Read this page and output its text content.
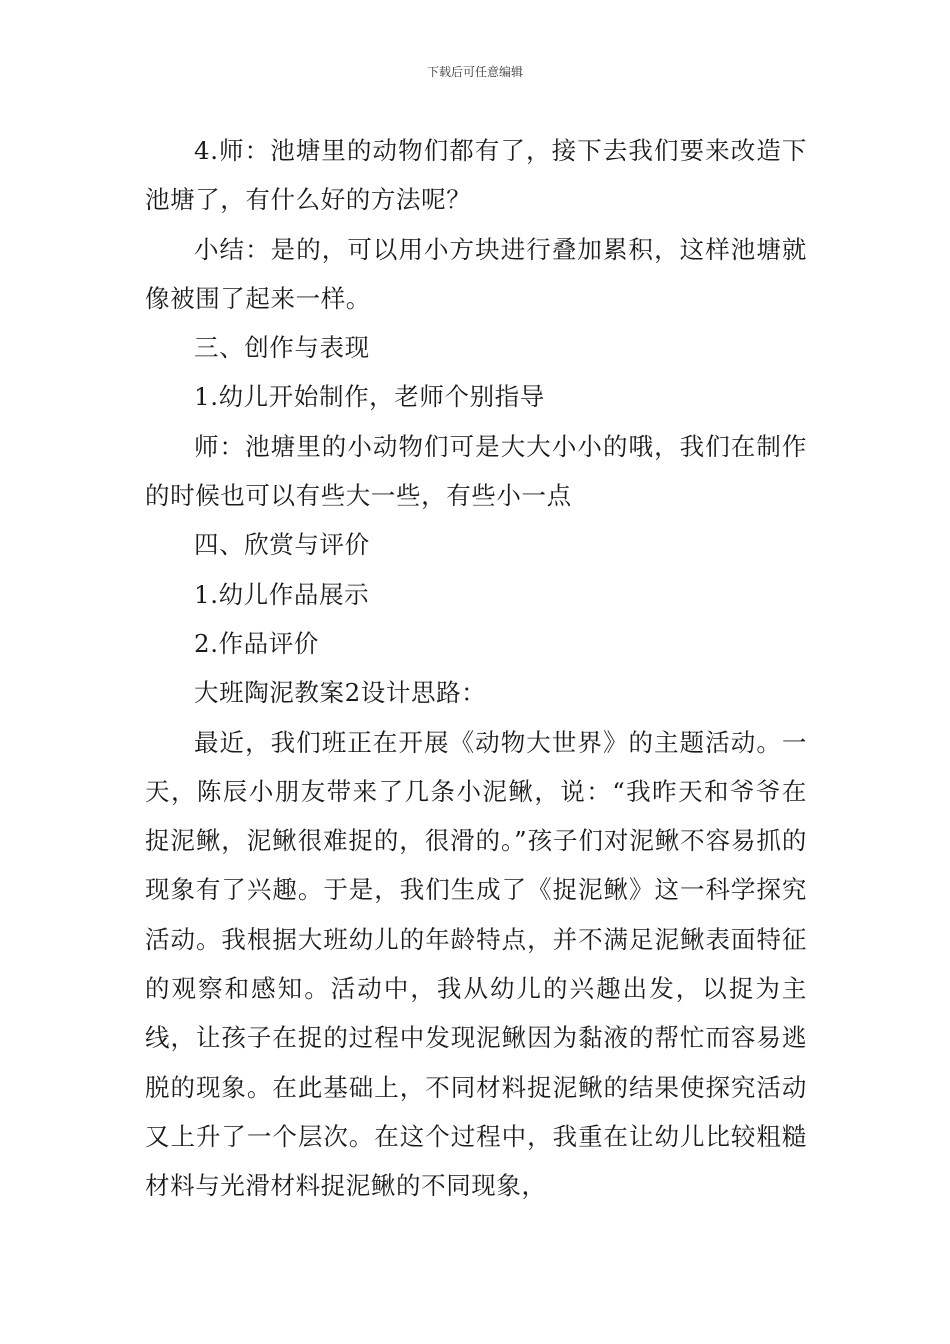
下载后可任意编辑

4.师：池塘里的动物们都有了，接下去我们要来改造下池塘了，有什么好的方法呢？

小结：是的，可以用小方块进行叠加累积，这样池塘就像被围了起来一样。

三、创作与表现

1.幼儿开始制作，老师个别指导

师：池塘里的小动物们可是大大小小的哦，我们在制作的时候也可以有些大一些，有些小一点

四、欣赏与评价

1.幼儿作品展示

2.作品评价

大班陶泥教案2设计思路：

最近，我们班正在开展《动物大世界》的主题活动。一天，陈辰小朋友带来了几条小泥鳅，说：“我昨天和爷爷在捉泥鳅，泥鳅很难捉的，很滑的。”孩子们对泥鳅不容易抓的现象有了兴趣。于是，我们生成了《捉泥鳅》这一科学探究活动。我根据大班幼儿的年龄特点，并不满足泥鳅表面特征的观察和感知。活动中，我从幼儿的兴趣出发，以捉为主线，让孩子在捉的过程中发现泥鳅因为黏液的帮忙而容易逃脱的现象。在此基础上，不同材料捉泥鳅的结果使探究活动又上升了一个层次。在这个过程中，我重在让幼儿比较粗糙材料与光滑材料捉泥鳅的不同现象，
